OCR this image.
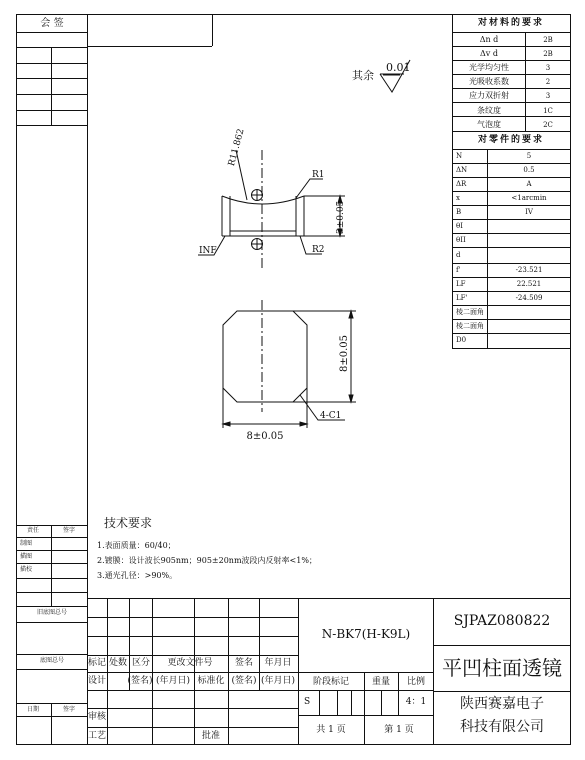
会 签
责任	签字
制图
描图
描校
旧底图总号
底图总号
日期	签字
其余
0.01
R11.862
R1
R2
INF
3±0.05
8±0.05
8±0.05
4-C1
技术要求
1.表面质量：60/40；
2.镀膜：设计波长905nm；905±20nm波段内反射率<1%；
3.通光孔径：>90%。
对材料的要求
Δn d	2B
Δv d	2B
光学均匀性	3
光吸收系数	2
应力双折射	3
条纹度	1C
气泡度	2C
对零件的要求
N	5
ΔN	0.5
ΔR	A
x	<1arcmin
B	IV
θI
θII
d
f'	-23.521
LF	22.521
LF'	-24.509
棱二面角
棱二面角
D0
标记 处数 区分 更改文件号 签名 年月日
设计 (签名) (年月日) 标准化 (签名) (年月日)
审核
工艺	批准
N-BK7(H-K9L)
阶段标记	重量 比例
S	4：1
共 1 页	第 1 页
SJPAZ080822
平凹柱面透镜
陕西赛嘉电子
科技有限公司
